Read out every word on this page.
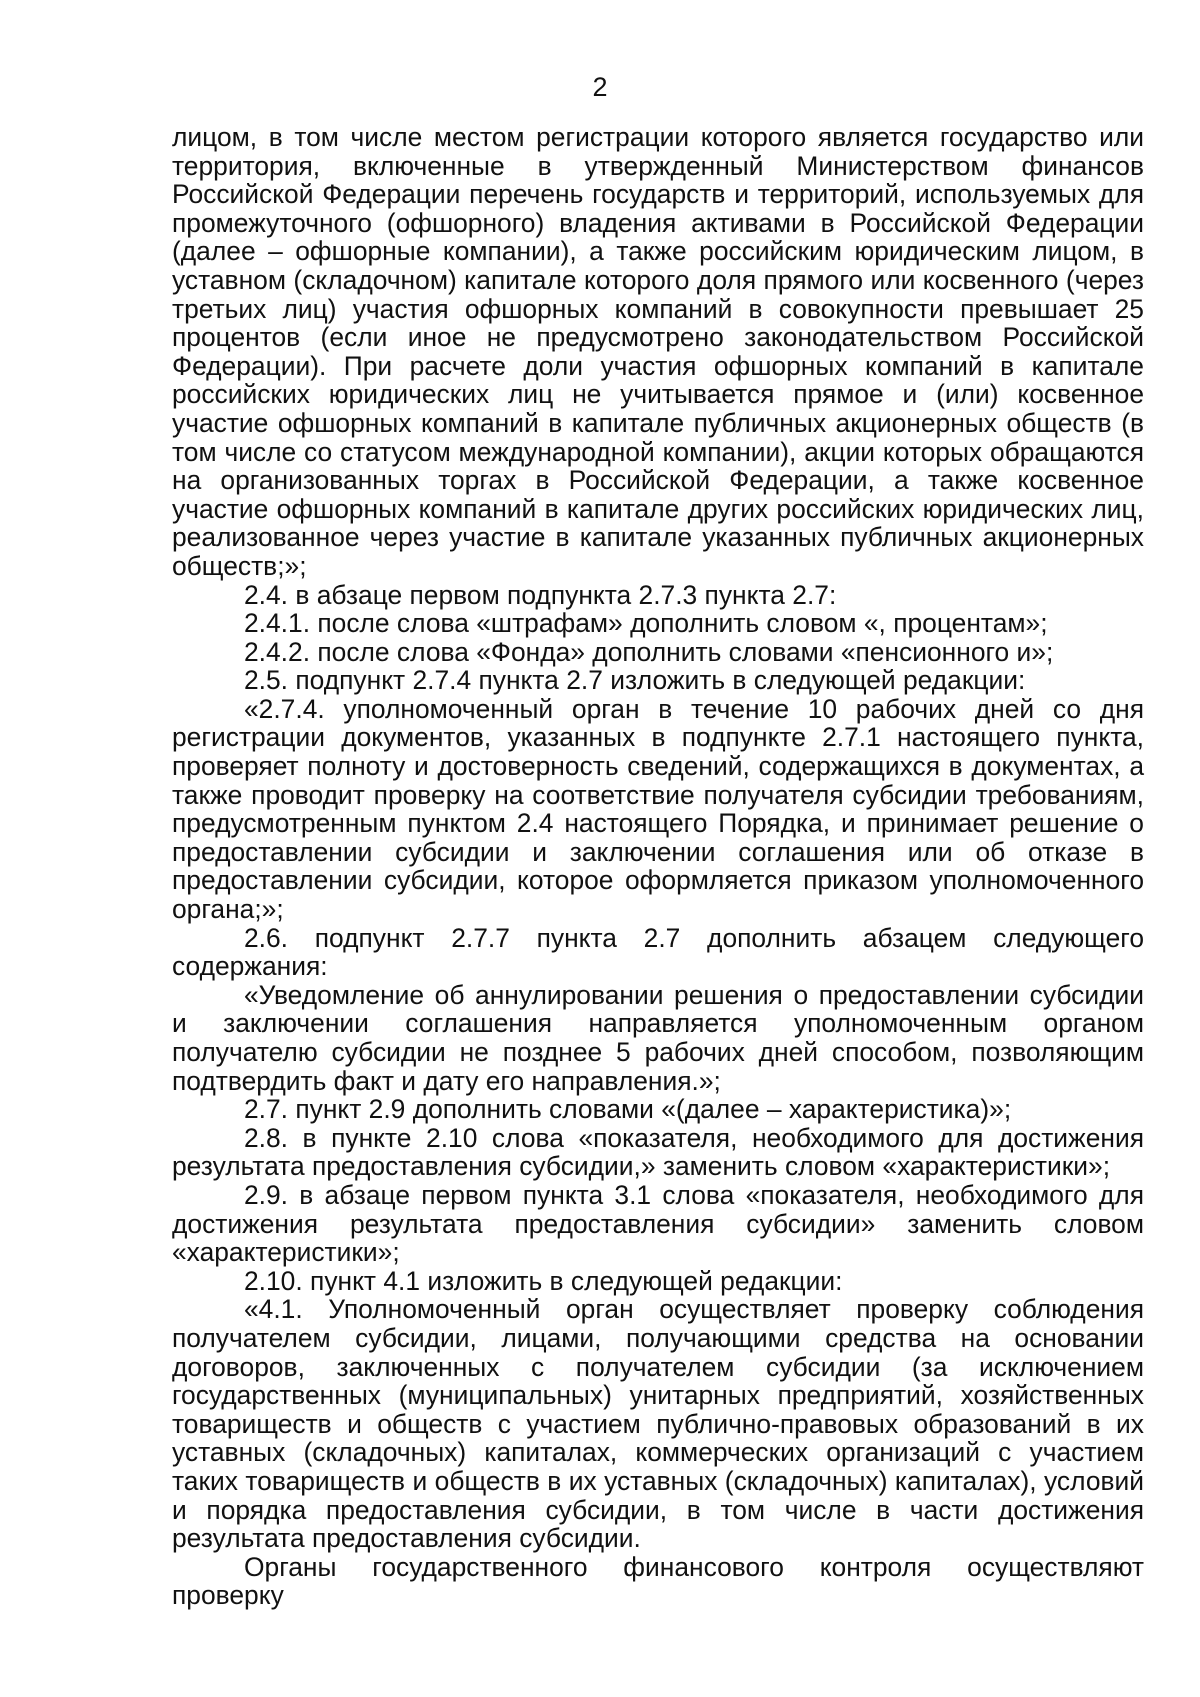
2

лицом, в том числе местом регистрации которого является государство или территория, включенные в утвержденный Министерством финансов Российской Федерации перечень государств и территорий, используемых для промежуточного (офшорного) владения активами в Российской Федерации (далее – офшорные компании), а также российским юридическим лицом, в уставном (складочном) капитале которого доля прямого или косвенного (через третьих лиц) участия офшорных компаний в совокупности превышает 25 процентов (если иное не предусмотрено законодательством Российской Федерации). При расчете доли участия офшорных компаний в капитале российских юридических лиц не учитывается прямое и (или) косвенное участие офшорных компаний в капитале публичных акционерных обществ (в том числе со статусом международной компании), акции которых обращаются на организованных торгах в Российской Федерации, а также косвенное участие офшорных компаний в капитале других российских юридических лиц, реализованное через участие в капитале указанных публичных акционерных обществ;»;

2.4. в абзаце первом подпункта 2.7.3 пункта 2.7:

2.4.1. после слова «штрафам» дополнить словом «, процентам»;

2.4.2. после слова «Фонда» дополнить словами «пенсионного и»;

2.5. подпункт 2.7.4 пункта 2.7 изложить в следующей редакции:

«2.7.4. уполномоченный орган в течение 10 рабочих дней со дня регистрации документов, указанных в подпункте 2.7.1 настоящего пункта, проверяет полноту и достоверность сведений, содержащихся в документах, а также проводит проверку на соответствие получателя субсидии требованиям, предусмотренным пунктом 2.4 настоящего Порядка, и принимает решение о предоставлении субсидии и заключении соглашения или об отказе в предоставлении субсидии, которое оформляется приказом уполномоченного органа;»;

2.6. подпункт 2.7.7 пункта 2.7 дополнить абзацем следующего содержания:

«Уведомление об аннулировании решения о предоставлении субсидии и заключении соглашения направляется уполномоченным органом получателю субсидии не позднее 5 рабочих дней способом, позволяющим подтвердить факт и дату его направления.»;

2.7. пункт 2.9 дополнить словами «(далее – характеристика)»;

2.8. в пункте 2.10 слова «показателя, необходимого для достижения результата предоставления субсидии,» заменить словом «характеристики»;

2.9. в абзаце первом пункта 3.1 слова «показателя, необходимого для достижения результата предоставления субсидии» заменить словом «характеристики»;

2.10. пункт 4.1 изложить в следующей редакции:

«4.1. Уполномоченный орган осуществляет проверку соблюдения получателем субсидии, лицами, получающими средства на основании договоров, заключенных с получателем субсидии (за исключением государственных (муниципальных) унитарных предприятий, хозяйственных товариществ и обществ с участием публично-правовых образований в их уставных (складочных) капиталах, коммерческих организаций с участием таких товариществ и обществ в их уставных (складочных) капиталах), условий и порядка предоставления субсидии, в том числе в части достижения результата предоставления субсидии.

Органы государственного финансового контроля осуществляют проверку
